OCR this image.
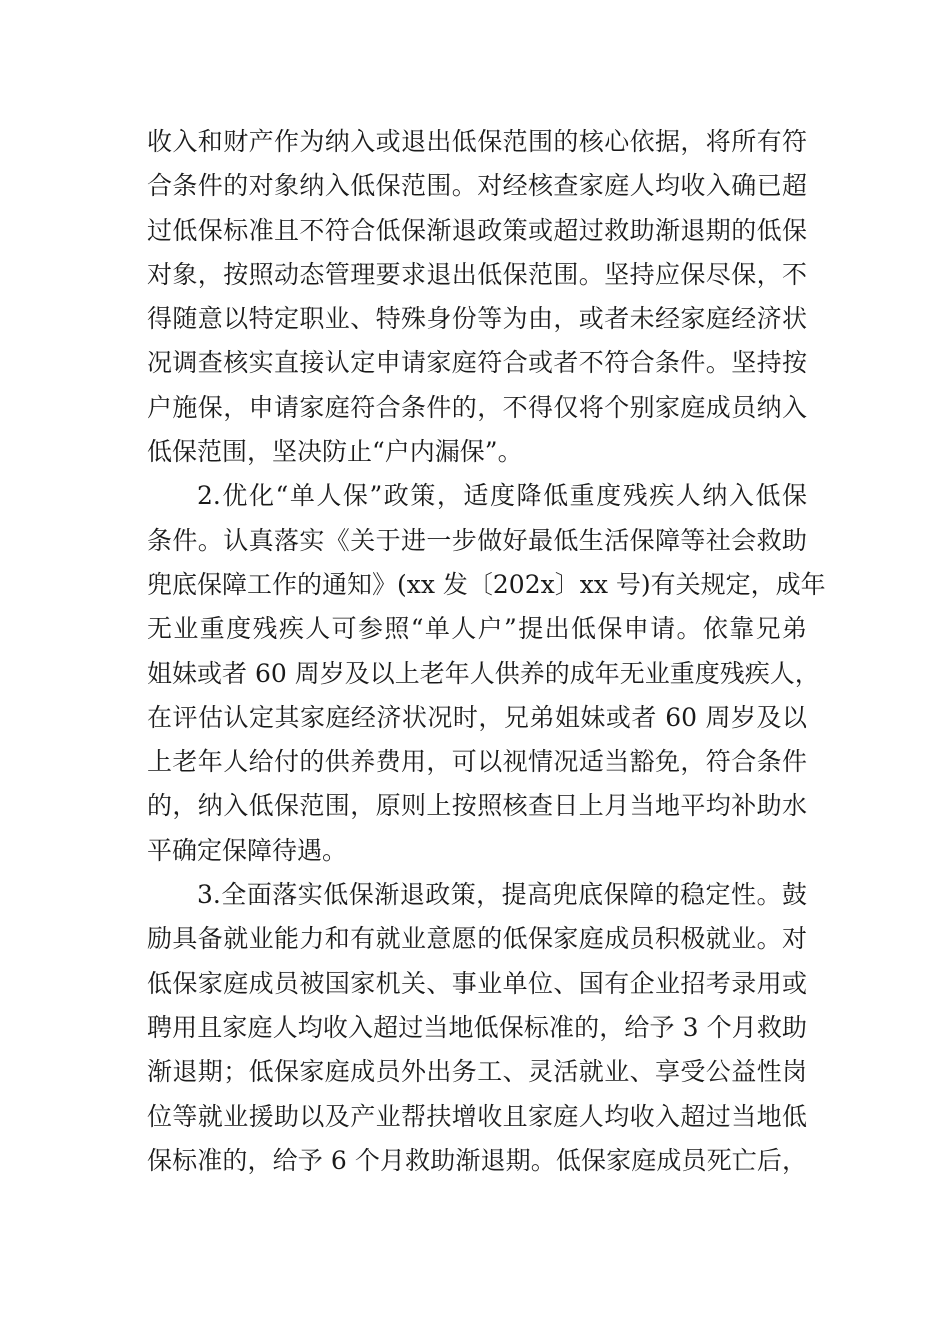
收入和财产作为纳入或退出低保范围的核心依据，将所有符
合条件的对象纳入低保范围。对经核查家庭人均收入确已超
过低保标准且不符合低保渐退政策或超过救助渐退期的低保
对象，按照动态管理要求退出低保范围。坚持应保尽保，不
得随意以特定职业、特殊身份等为由，或者未经家庭经济状
况调查核实直接认定申请家庭符合或者不符合条件。坚持按
户施保，申请家庭符合条件的，不得仅将个别家庭成员纳入
低保范围，坚决防止“户内漏保”。
2.优化“单人保”政策，适度降低重度残疾人纳入低保
条件。认真落实《关于进一步做好最低生活保障等社会救助
兜底保障工作的通知》(xx 发〔202x〕xx 号)有关规定，成年
无业重度残疾人可参照“单人户”提出低保申请。依靠兄弟
姐妹或者 60 周岁及以上老年人供养的成年无业重度残疾人，
在评估认定其家庭经济状况时，兄弟姐妹或者 60 周岁及以
上老年人给付的供养费用，可以视情况适当豁免，符合条件
的，纳入低保范围，原则上按照核查日上月当地平均补助水
平确定保障待遇。
3.全面落实低保渐退政策，提高兜底保障的稳定性。鼓
励具备就业能力和有就业意愿的低保家庭成员积极就业。对
低保家庭成员被国家机关、事业单位、国有企业招考录用或
聘用且家庭人均收入超过当地低保标准的，给予 3 个月救助
渐退期；低保家庭成员外出务工、灵活就业、享受公益性岗
位等就业援助以及产业帮扶增收且家庭人均收入超过当地低
保标准的，给予 6 个月救助渐退期。低保家庭成员死亡后，
